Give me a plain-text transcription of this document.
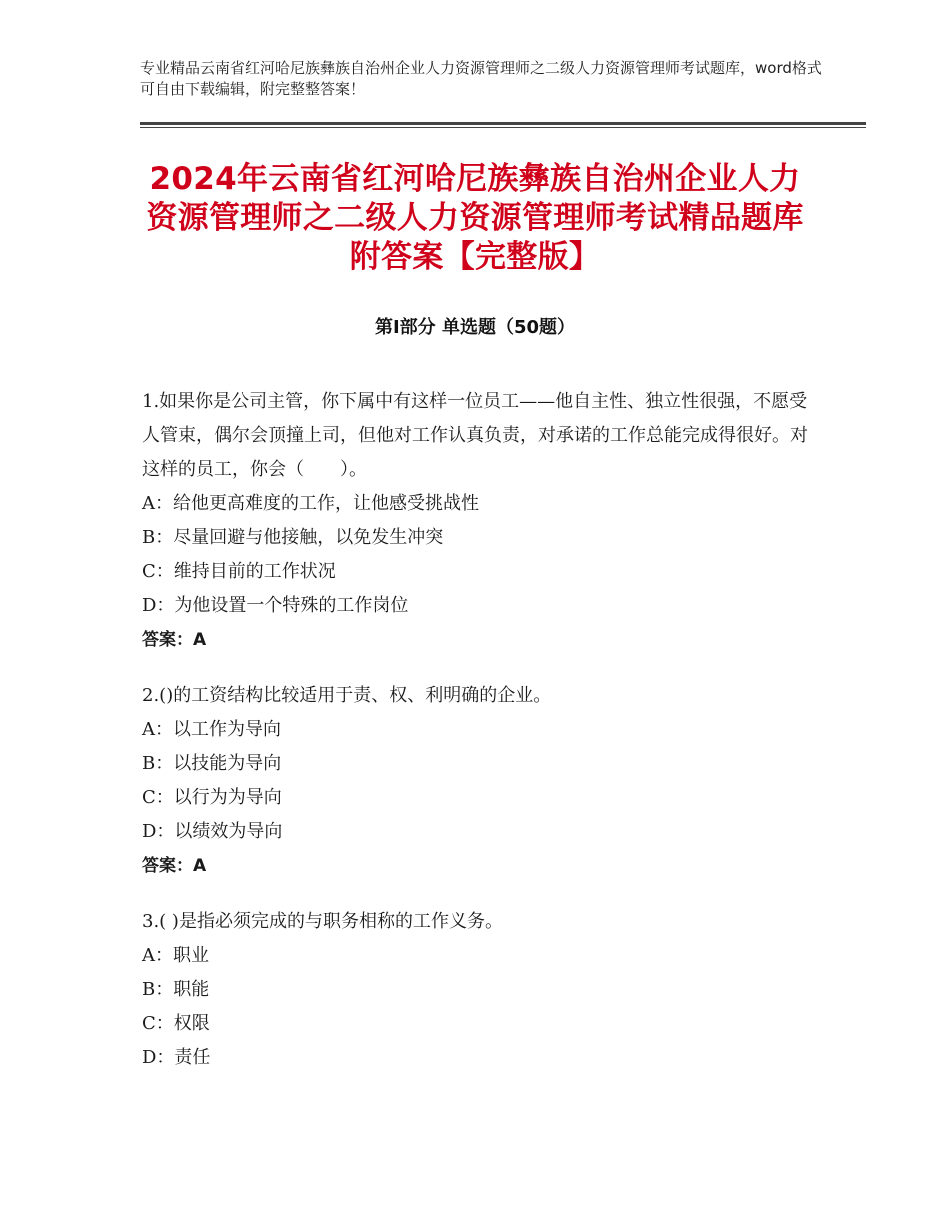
专业精品云南省红河哈尼族彝族自治州企业人力资源管理师之二级人力资源管理师考试题库，word格式可自由下载编辑，附完整整答案！
2024年云南省红河哈尼族彝族自治州企业人力资源管理师之二级人力资源管理师考试精品题库附答案【完整版】
第Ⅰ部分 单选题（50题）

1.如果你是公司主管，你下属中有这样一位员工——他自主性、独立性很强，不愿受人管束，偶尔会顶撞上司，但他对工作认真负责，对承诺的工作总能完成得很好。对这样的员工，你会（　　）。

A：给他更高难度的工作，让他感受挑战性

B：尽量回避与他接触，以免发生冲突

C：维持目前的工作状况

D：为他设置一个特殊的工作岗位

答案：A

2.()的工资结构比较适用于责、权、利明确的企业。

A：以工作为导向

B：以技能为导向

C：以行为为导向

D：以绩效为导向

答案：A

3.( )是指必须完成的与职务相称的工作义务。

A：职业

B：职能

C：权限

D：责任
